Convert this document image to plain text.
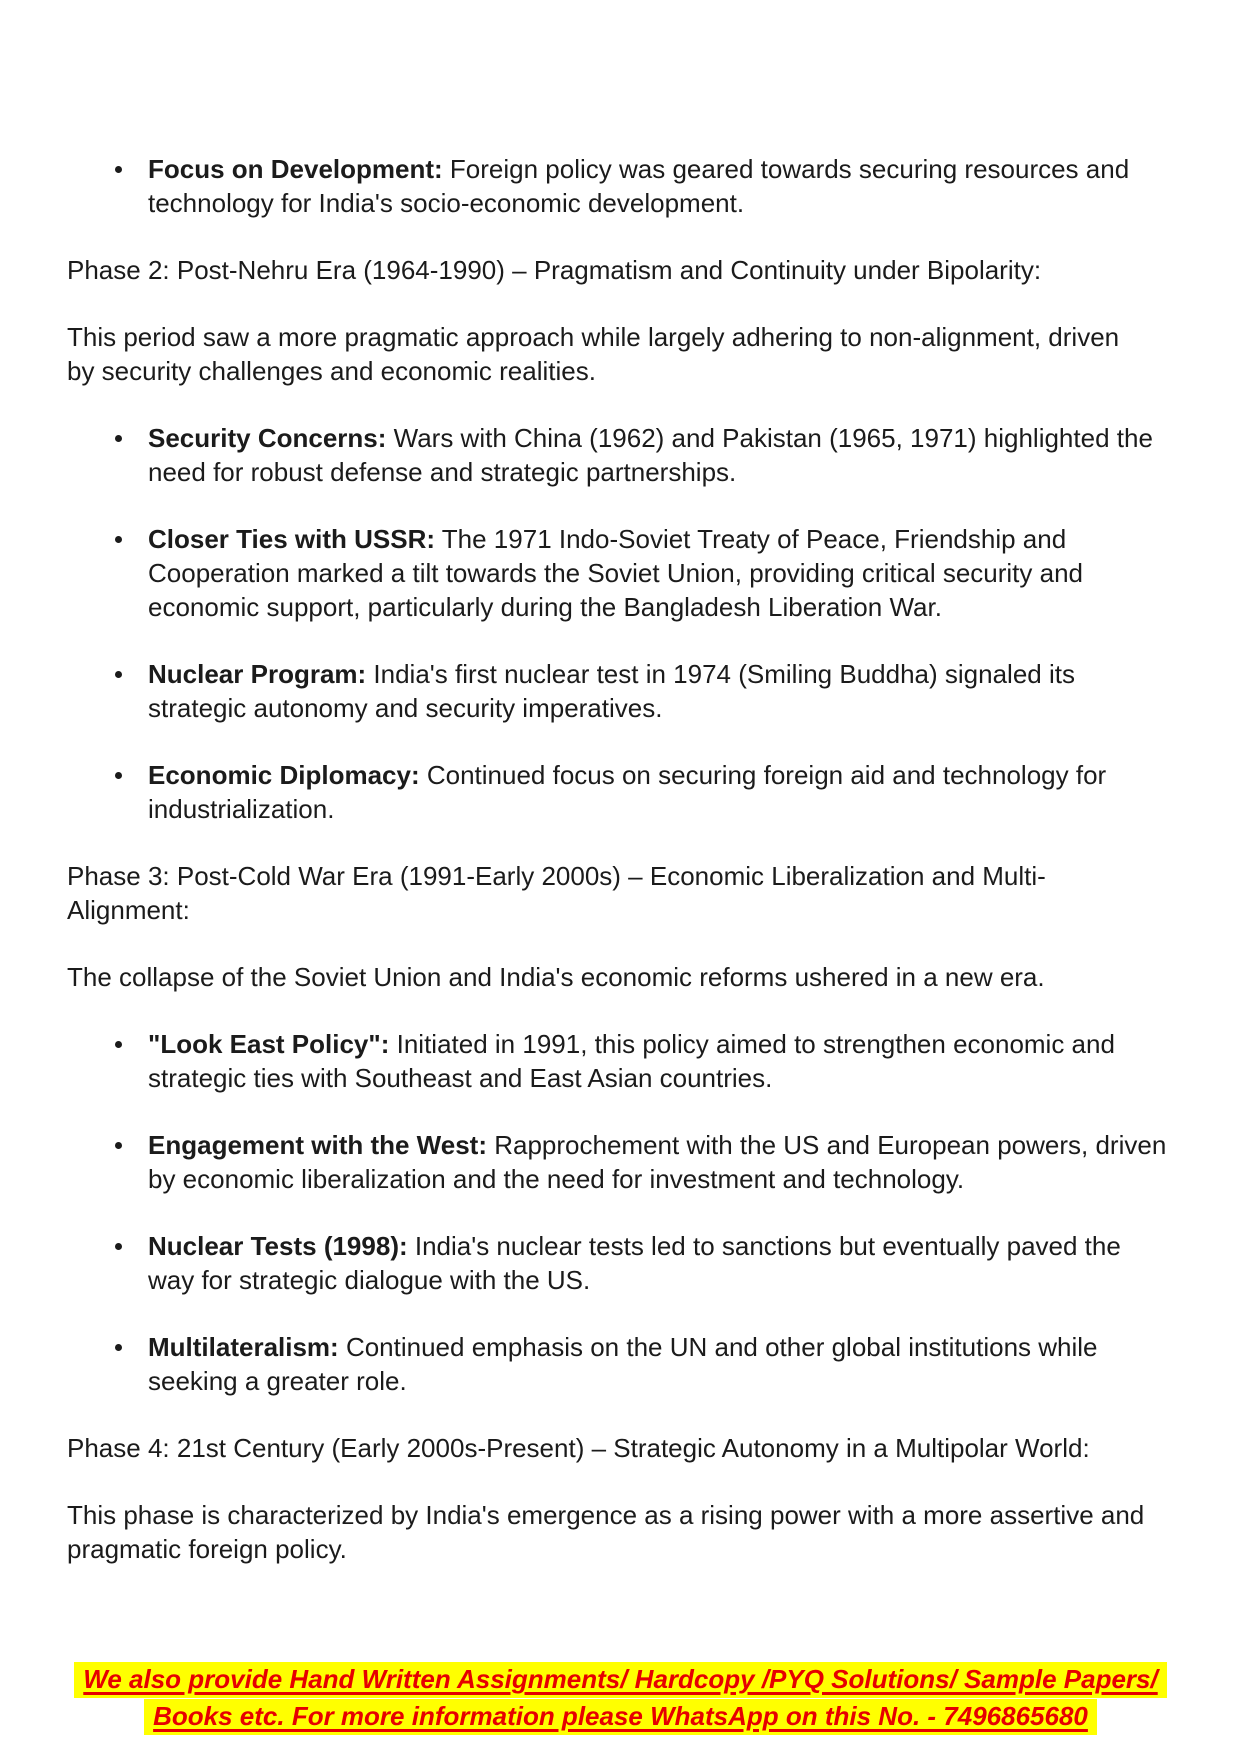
Focus on Development: Foreign policy was geared towards securing resources and
technology for India's socio-economic development.
Phase 2: Post-Nehru Era (1964-1990) – Pragmatism and Continuity under Bipolarity:
This period saw a more pragmatic approach while largely adhering to non-alignment, driven
by security challenges and economic realities.
Security Concerns: Wars with China (1962) and Pakistan (1965, 1971) highlighted the
need for robust defense and strategic partnerships.
Closer Ties with USSR: The 1971 Indo-Soviet Treaty of Peace, Friendship and
Cooperation marked a tilt towards the Soviet Union, providing critical security and
economic support, particularly during the Bangladesh Liberation War.
Nuclear Program: India's first nuclear test in 1974 (Smiling Buddha) signaled its
strategic autonomy and security imperatives.
Economic Diplomacy: Continued focus on securing foreign aid and technology for
industrialization.
Phase 3: Post-Cold War Era (1991-Early 2000s) – Economic Liberalization and Multi-
Alignment:
The collapse of the Soviet Union and India's economic reforms ushered in a new era.
"Look East Policy": Initiated in 1991, this policy aimed to strengthen economic and
strategic ties with Southeast and East Asian countries.
Engagement with the West: Rapprochement with the US and European powers, driven
by economic liberalization and the need for investment and technology.
Nuclear Tests (1998): India's nuclear tests led to sanctions but eventually paved the
way for strategic dialogue with the US.
Multilateralism: Continued emphasis on the UN and other global institutions while
seeking a greater role.
Phase 4: 21st Century (Early 2000s-Present) – Strategic Autonomy in a Multipolar World:
This phase is characterized by India's emergence as a rising power with a more assertive and
pragmatic foreign policy.
We also provide Hand Written Assignments/ Hardcopy /PYQ Solutions/ Sample Papers/
Books etc. For more information please WhatsApp on this No. - 7496865680
